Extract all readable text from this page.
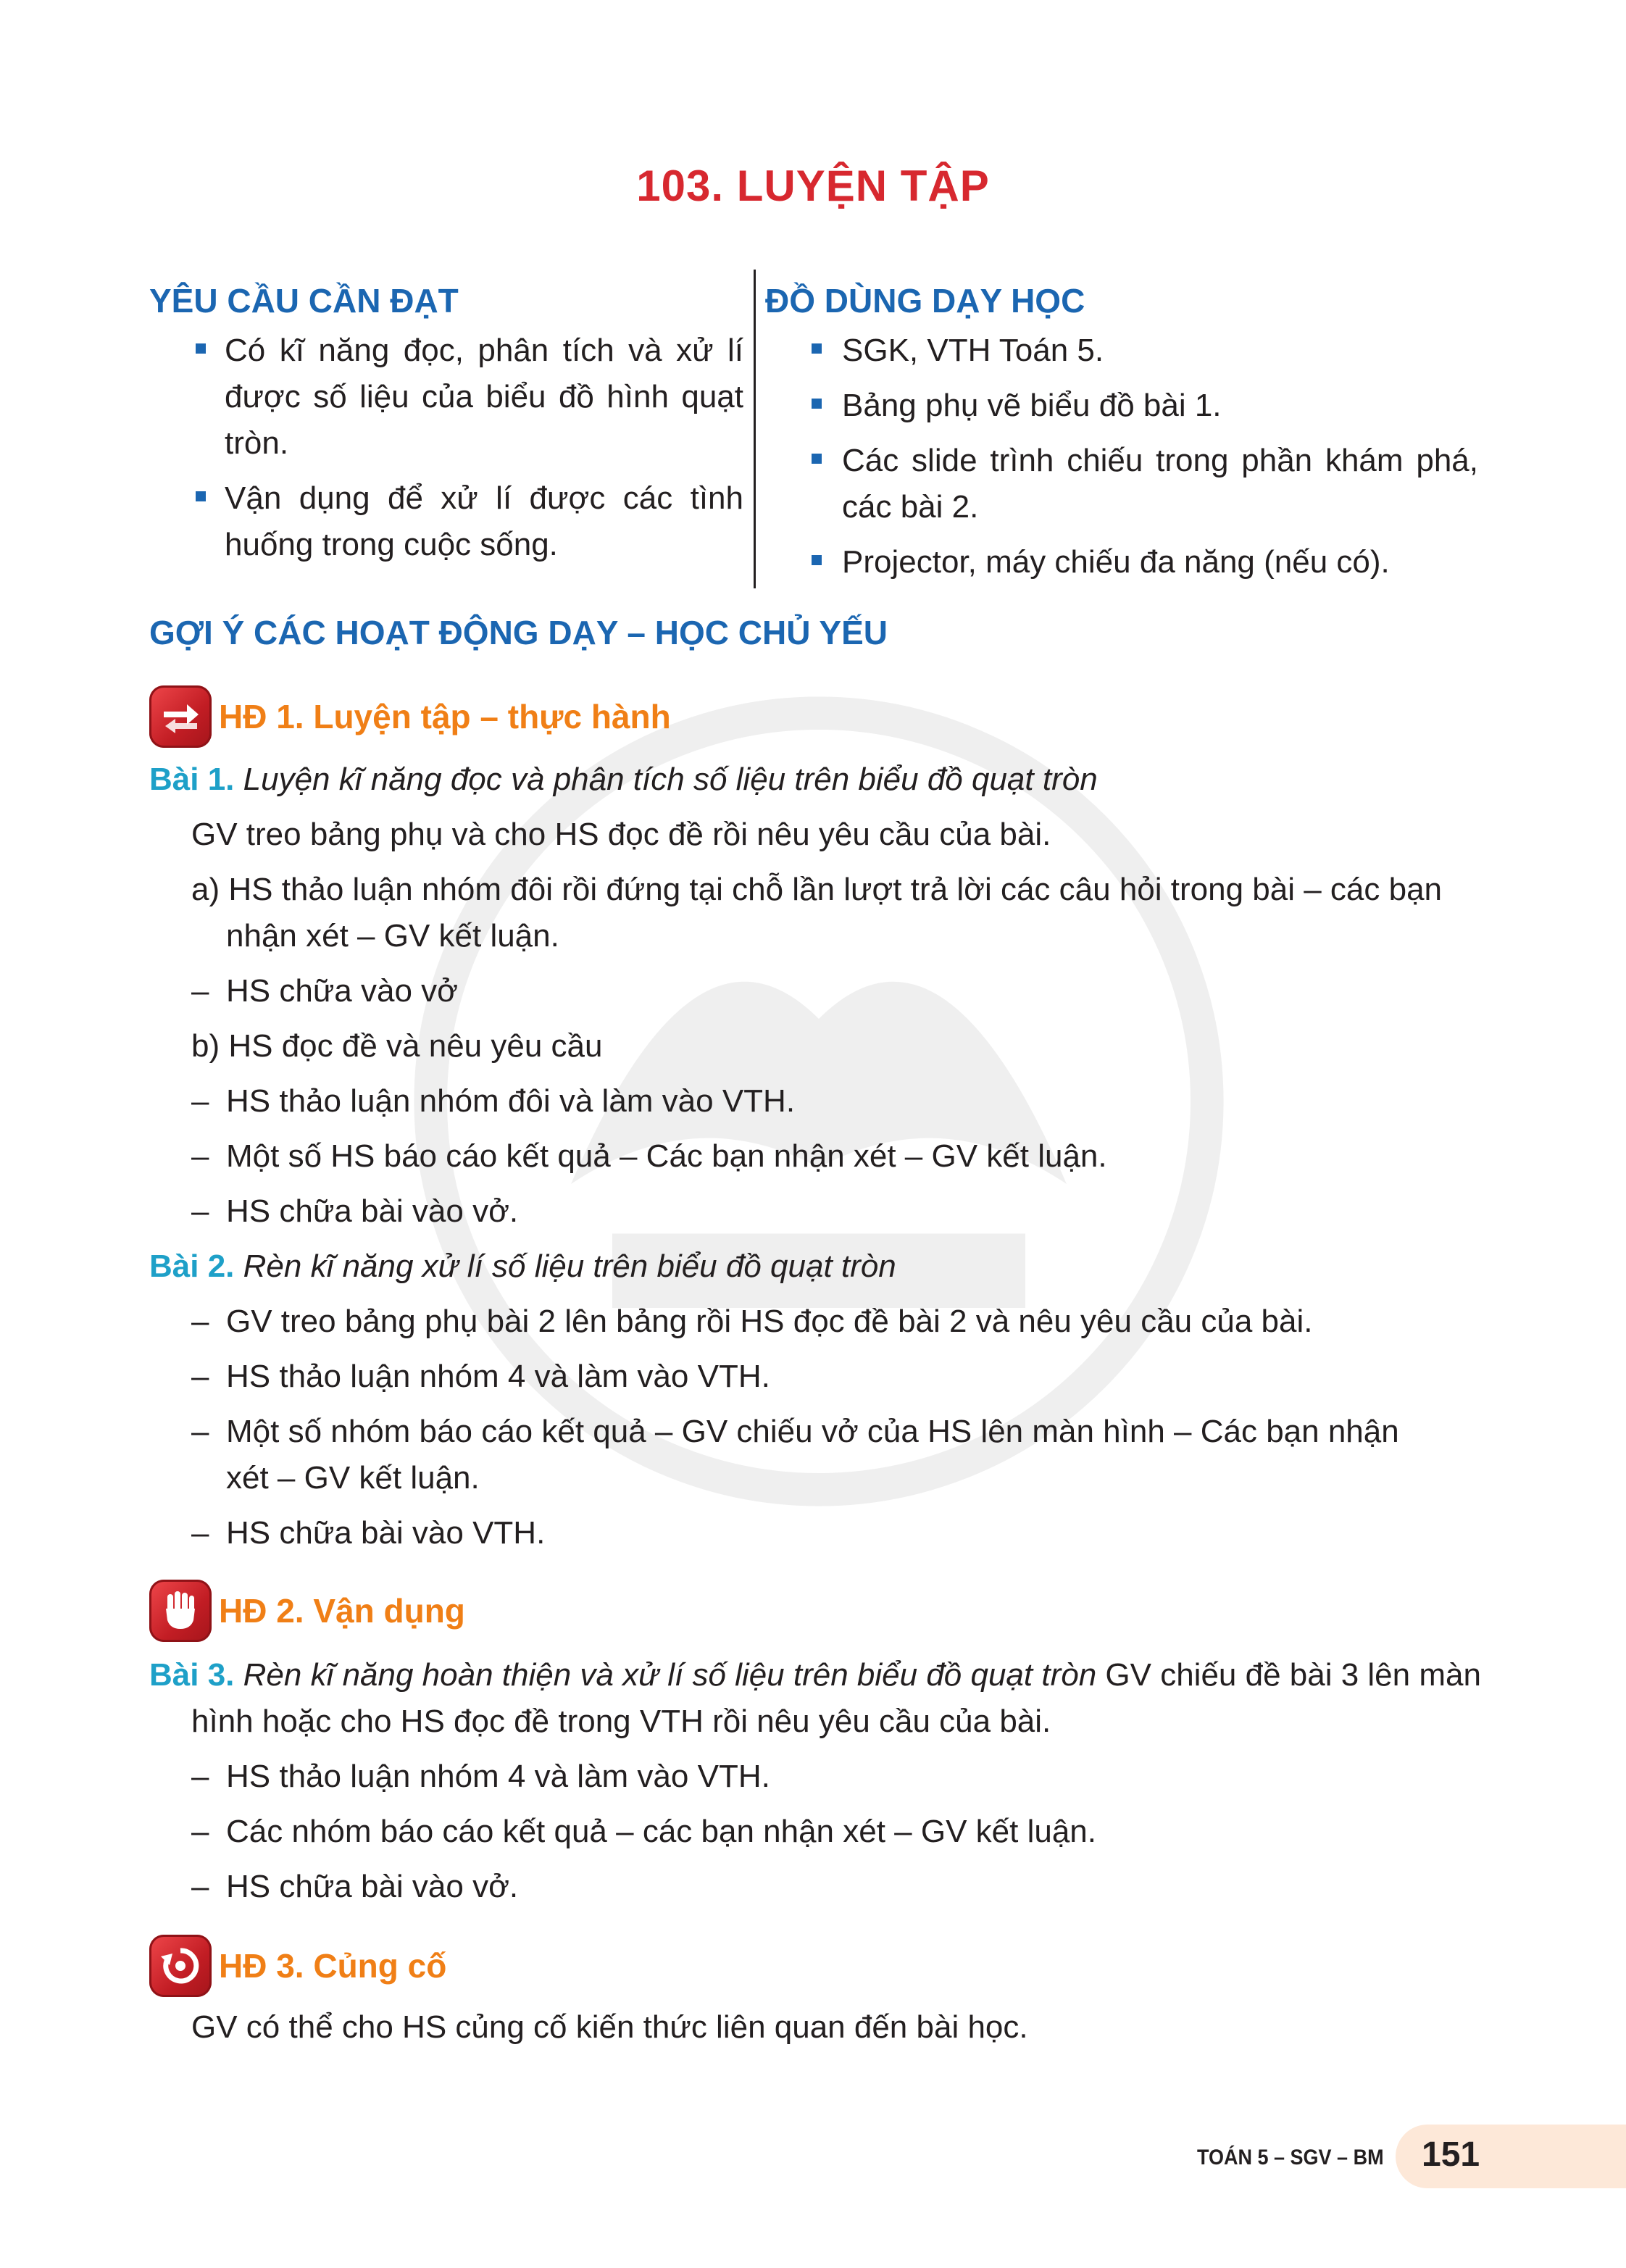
103. LUYỆN TẬP
YÊU CẦU CẦN ĐẠT
Có kĩ năng đọc, phân tích và xử lí được số liệu của biểu đồ hình quạt tròn.
Vận dụng để xử lí được các tình huống trong cuộc sống.
ĐỒ DÙNG DẠY HỌC
SGK, VTH Toán 5.
Bảng phụ vẽ biểu đồ bài 1.
Các slide trình chiếu trong phần khám phá, các bài 2.
Projector, máy chiếu đa năng (nếu có).
GỢI Ý CÁC HOẠT ĐỘNG DẠY – HỌC CHỦ YẾU
HĐ 1. Luyện tập – thực hành
Bài 1. Luyện kĩ năng đọc và phân tích số liệu trên biểu đồ quạt tròn
GV treo bảng phụ và cho HS đọc đề rồi nêu yêu cầu của bài.
a) HS thảo luận nhóm đôi rồi đứng tại chỗ lần lượt trả lời các câu hỏi trong bài – các bạn
nhận xét – GV kết luận.
– HS chữa vào vở
b) HS đọc đề và nêu yêu cầu
– HS thảo luận nhóm đôi và làm vào VTH.
– Một số HS báo cáo kết quả – Các bạn nhận xét – GV kết luận.
– HS chữa bài vào vở.
Bài 2. Rèn kĩ năng xử lí số liệu trên biểu đồ quạt tròn
– GV treo bảng phụ bài 2 lên bảng rồi HS đọc đề bài 2 và nêu yêu cầu của bài.
– HS thảo luận nhóm 4 và làm vào VTH.
– Một số nhóm báo cáo kết quả – GV chiếu vở của HS lên màn hình – Các bạn nhận
xét – GV kết luận.
– HS chữa bài vào VTH.
HĐ 2. Vận dụng
Bài 3. Rèn kĩ năng hoàn thiện và xử lí số liệu trên biểu đồ quạt tròn GV chiếu đề bài 3 lên màn
hình hoặc cho HS đọc đề trong VTH rồi nêu yêu cầu của bài.
– HS thảo luận nhóm 4 và làm vào VTH.
– Các nhóm báo cáo kết quả – các bạn nhận xét – GV kết luận.
– HS chữa bài vào vở.
HĐ 3. Củng cố
GV có thể cho HS củng cố kiến thức liên quan đến bài học.
TOÁN 5 – SGV – BM 151
